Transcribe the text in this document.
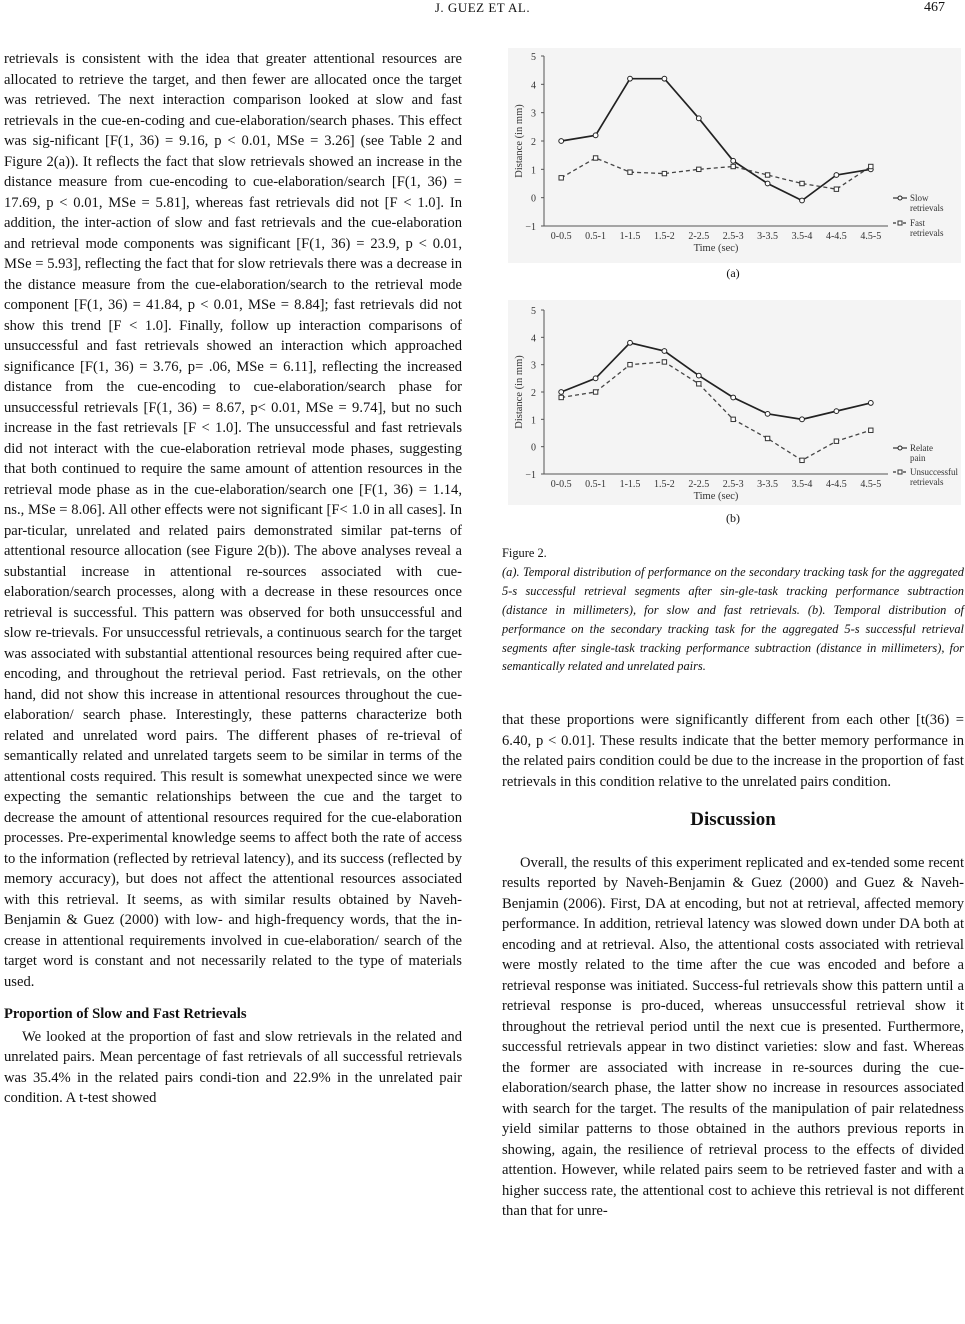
J. GUEZ ET AL.	467

retrievals is consistent with the idea that greater attentional resources are allocated to retrieve the target, and then fewer are allocated once the target was retrieved. The next interaction comparison looked at slow and fast retrievals in the cue-en-coding and cue-elaboration/search phases. This effect was sig-nificant [F(1, 36) = 9.16, p < 0.01, MSe = 3.26] (see Table 2 and Figure 2(a)). It reflects the fact that slow retrievals showed an increase in the distance measure from cue-encoding to cue-elaboration/search [F(1, 36) = 17.69, p < 0.01, MSe = 5.81], whereas fast retrievals did not [F < 1.0]. In addition, the inter-action of slow and fast retrievals and the cue-elaboration and retrieval mode components was significant [F(1, 36) = 23.9, p < 0.01, MSe = 5.93], reflecting the fact that for slow retrievals there was a decrease in the distance measure from the cue-elaboration/search to the retrieval mode component [F(1, 36) = 41.84, p < 0.01, MSe = 8.84]; fast retrievals did not show this trend [F < 1.0]. Finally, follow up interaction comparisons of unsuccessful and fast retrievals showed an interaction which approached significance [F(1, 36) = 3.76, p= .06, MSe = 6.11], reflecting the increased distance from the cue-encoding to cue-elaboration/search phase for unsuccessful retrievals [F(1, 36) = 8.67, p< 0.01, MSe = 9.74], but no such increase in the fast retrievals [F < 1.0]. The unsuccessful and fast retrievals did not interact with the cue-elaboration retrieval mode phases, suggesting that both continued to require the same amount of attention resources in the retrieval mode phase as in the cue-elaboration/search one [F(1, 36) = 1.14, ns., MSe = 8.06]. All other effects were not significant [F< 1.0 in all cases]. In par-ticular, unrelated and related pairs demonstrated similar pat-terns of attentional resource allocation (see Figure 2(b)). The above analyses reveal a substantial increase in attentional re-sources associated with cue-elaboration/search processes, along with a decrease in these resources once retrieval is successful. This pattern was observed for both unsuccessful and slow re-trievals. For unsuccessful retrievals, a continuous search for the target was associated with substantial attentional resources being required after cue-encoding, and throughout the retrieval period. Fast retrievals, on the other hand, did not show this increase in attentional resources throughout the cue-elaboration/ search phase. Interestingly, these patterns characterize both related and unrelated word pairs. The different phases of re-trieval of semantically related and unrelated targets seem to be similar in terms of the attentional costs required. This result is somewhat unexpected since we were expecting the semantic relationships between the cue and the target to decrease the amount of attentional resources required for the cue-elaboration processes. Pre-experimental knowledge seems to affect both the rate of access to the information (reflected by retrieval latency), and its success (reflected by memory accuracy), but does not affect the attentional resources associated with this retrieval. It seems, as with similar results obtained by Naveh-Benjamin & Guez (2000) with low- and high-frequency words, that the in-crease in attentional requirements involved in cue-elaboration/ search of the target word is constant and not necessarily related to the type of materials used.

Proportion of Slow and Fast Retrievals

We looked at the proportion of fast and slow retrievals in the related and unrelated pairs. Mean percentage of fast retrievals of all successful retrievals was 35.4% in the related pairs condi-tion and 22.9% in the unrelated pair condition. A t-test showed

−1
0
1
2
3
4
5
0-0.5 0.5-1 1-1.5 1.5-2 2-2.5 2.5-3 3-3.5 3.5-4 4-4.5 4.5-5
Time (sec)
Distance (in mm)
Slow
retrievals
Fast
retrievals
(a)
−1
0
1
2
3
4
5
0-0.5 0.5-1 1-1.5 1.5-2 2-2.5 2.5-3 3-3.5 3.5-4 4-4.5 4.5-5
Time (sec)
Distance (in mm)
Relate
pain
Unsuccessful
retrievals
(b)
Figure 2.
(a). Temporal distribution of performance on the secondary tracking task for the aggregated 5-s successful retrieval segments after sin-gle-task tracking performance subtraction (distance in millimeters), for slow and fast retrievals. (b). Temporal distribution of performance on the secondary tracking task for the aggregated 5-s successful retrieval segments after single-task tracking performance subtraction (distance in millimeters), for semantically related and unrelated pairs.

that these proportions were significantly different from each other [t(36) = 6.40, p < 0.01]. These results indicate that the better memory performance in the related pairs condition could be due to the increase in the proportion of fast retrievals in this condition relative to the unrelated pairs condition.

Discussion

Overall, the results of this experiment replicated and ex-tended some recent results reported by Naveh-Benjamin & Guez (2000) and Guez & Naveh-Benjamin (2006). First, DA at encoding, but not at retrieval, affected memory performance. In addition, retrieval latency was slowed down under DA both at encoding and at retrieval. Also, the attentional costs associated with retrieval were mostly related to the time after the cue was encoded and before a retrieval response was initiated. Success-ful retrievals show this pattern until a retrieval response is pro-duced, whereas unsuccessful retrieval show it throughout the retrieval period until the next cue is presented. Furthermore, successful retrievals appear in two distinct varieties: slow and fast. Whereas the former are associated with increase in re-sources during the cue-elaboration/search phase, the latter show no increase in resources associated with search for the target. The results of the manipulation of pair relatedness yield similar patterns to those obtained in the authors previous reports in showing, again, the resilience of retrieval process to the effects of divided attention. However, while related pairs seem to be retrieved faster and with a higher success rate, the attentional cost to achieve this retrieval is not different than that for unre-
